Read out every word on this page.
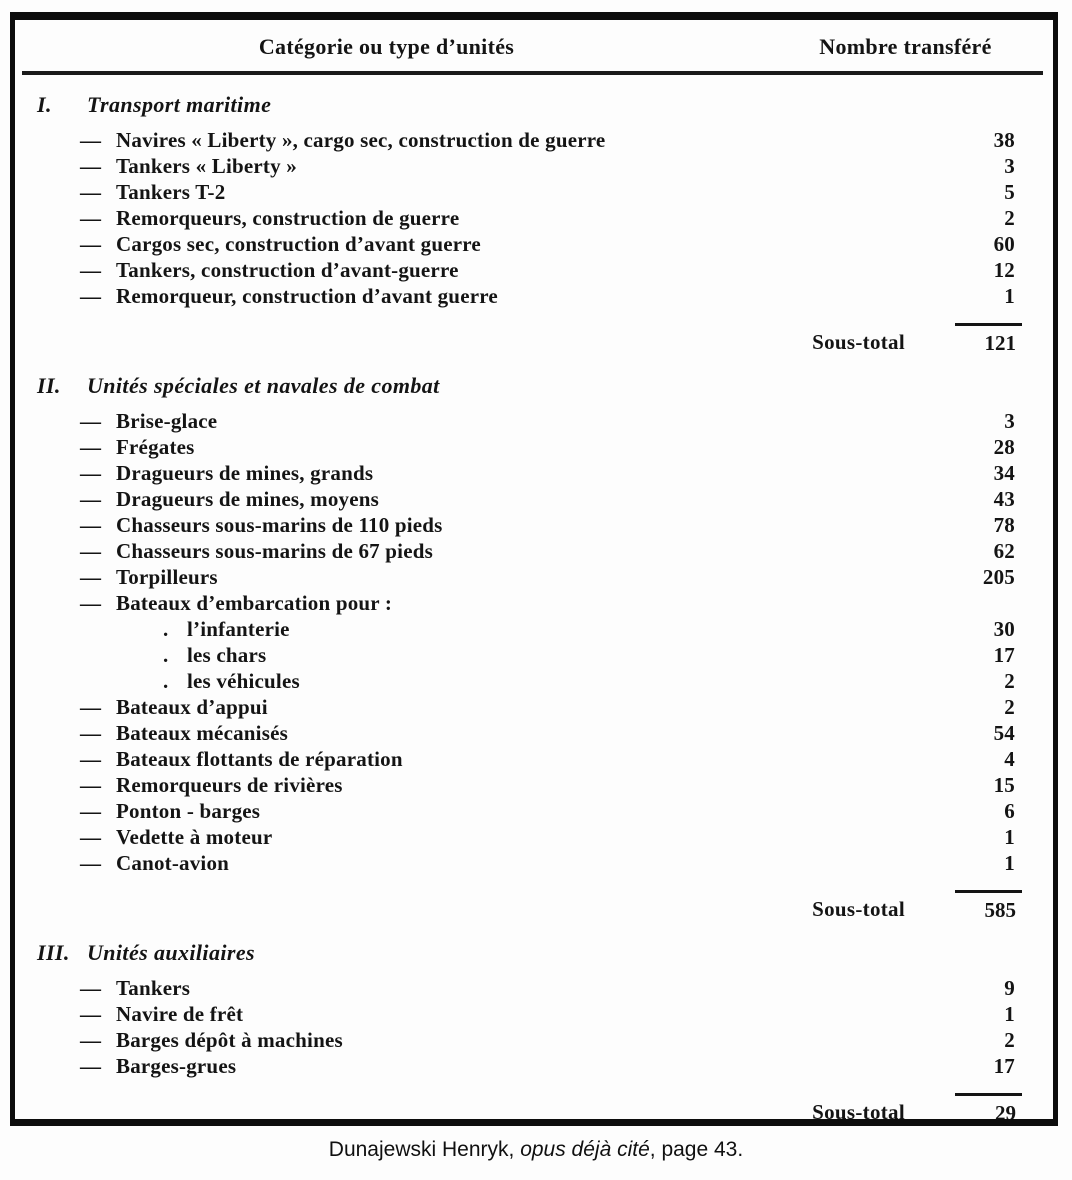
Catégorie ou type d’unités	Nombre transféré
I.	Transport maritime
— Navires « Liberty », cargo sec, construction de guerre	38
— Tankers « Liberty »	3
— Tankers T-2	5
— Remorqueurs, construction de guerre	2
— Cargos sec, construction d’avant guerre	60
— Tankers, construction d’avant-guerre	12
— Remorqueur, construction d’avant guerre	1
Sous-total	121
II.	Unités spéciales et navales de combat
— Brise-glace	3
— Frégates	28
— Dragueurs de mines, grands	34
— Dragueurs de mines, moyens	43
— Chasseurs sous-marins de 110 pieds	78
— Chasseurs sous-marins de 67 pieds	62
— Torpilleurs	205
— Bateaux d’embarcation pour :
. l’infanterie	30
. les chars	17
. les véhicules	2
— Bateaux d’appui	2
— Bateaux mécanisés	54
— Bateaux flottants de réparation	4
— Remorqueurs de rivières	15
— Ponton - barges	6
— Vedette à moteur	1
— Canot-avion	1
Sous-total	585
III. Unités auxiliaires
— Tankers	9
— Navire de frêt	1
— Barges dépôt à machines	2
— Barges-grues	17
Sous-total	29
Dunajewski Henryk, opus déjà cité, page 43.
